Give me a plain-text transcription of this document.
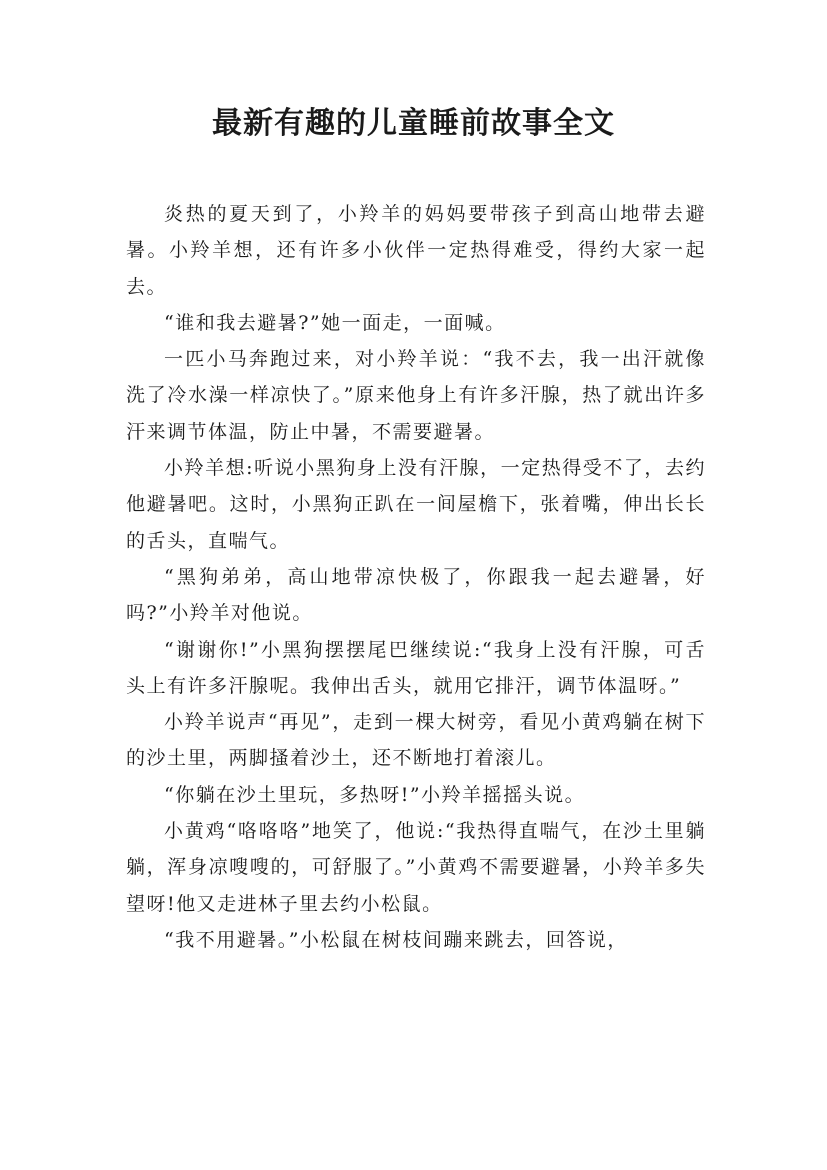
最新有趣的儿童睡前故事全文

炎热的夏天到了，小羚羊的妈妈要带孩子到高山地带去避暑。小羚羊想，还有许多小伙伴一定热得难受，得约大家一起去。

“谁和我去避暑?”她一面走，一面喊。

一匹小马奔跑过来，对小羚羊说：“我不去，我一出汗就像洗了冷水澡一样凉快了。”原来他身上有许多汗腺，热了就出许多汗来调节体温，防止中暑，不需要避暑。

小羚羊想:听说小黑狗身上没有汗腺，一定热得受不了，去约他避暑吧。这时，小黑狗正趴在一间屋檐下，张着嘴，伸出长长的舌头，直喘气。

“黑狗弟弟，高山地带凉快极了，你跟我一起去避暑，好吗?”小羚羊对他说。

“谢谢你!”小黑狗摆摆尾巴继续说:“我身上没有汗腺，可舌头上有许多汗腺呢。我伸出舌头，就用它排汗，调节体温呀。”

小羚羊说声“再见”，走到一棵大树旁，看见小黄鸡躺在树下的沙土里，两脚搔着沙土，还不断地打着滚儿。

“你躺在沙土里玩，多热呀!”小羚羊摇摇头说。

小黄鸡“咯咯咯”地笑了，他说:“我热得直喘气，在沙土里躺躺，浑身凉嗖嗖的，可舒服了。”小黄鸡不需要避暑，小羚羊多失望呀!他又走进林子里去约小松鼠。

“我不用避暑。”小松鼠在树枝间蹦来跳去，回答说，
